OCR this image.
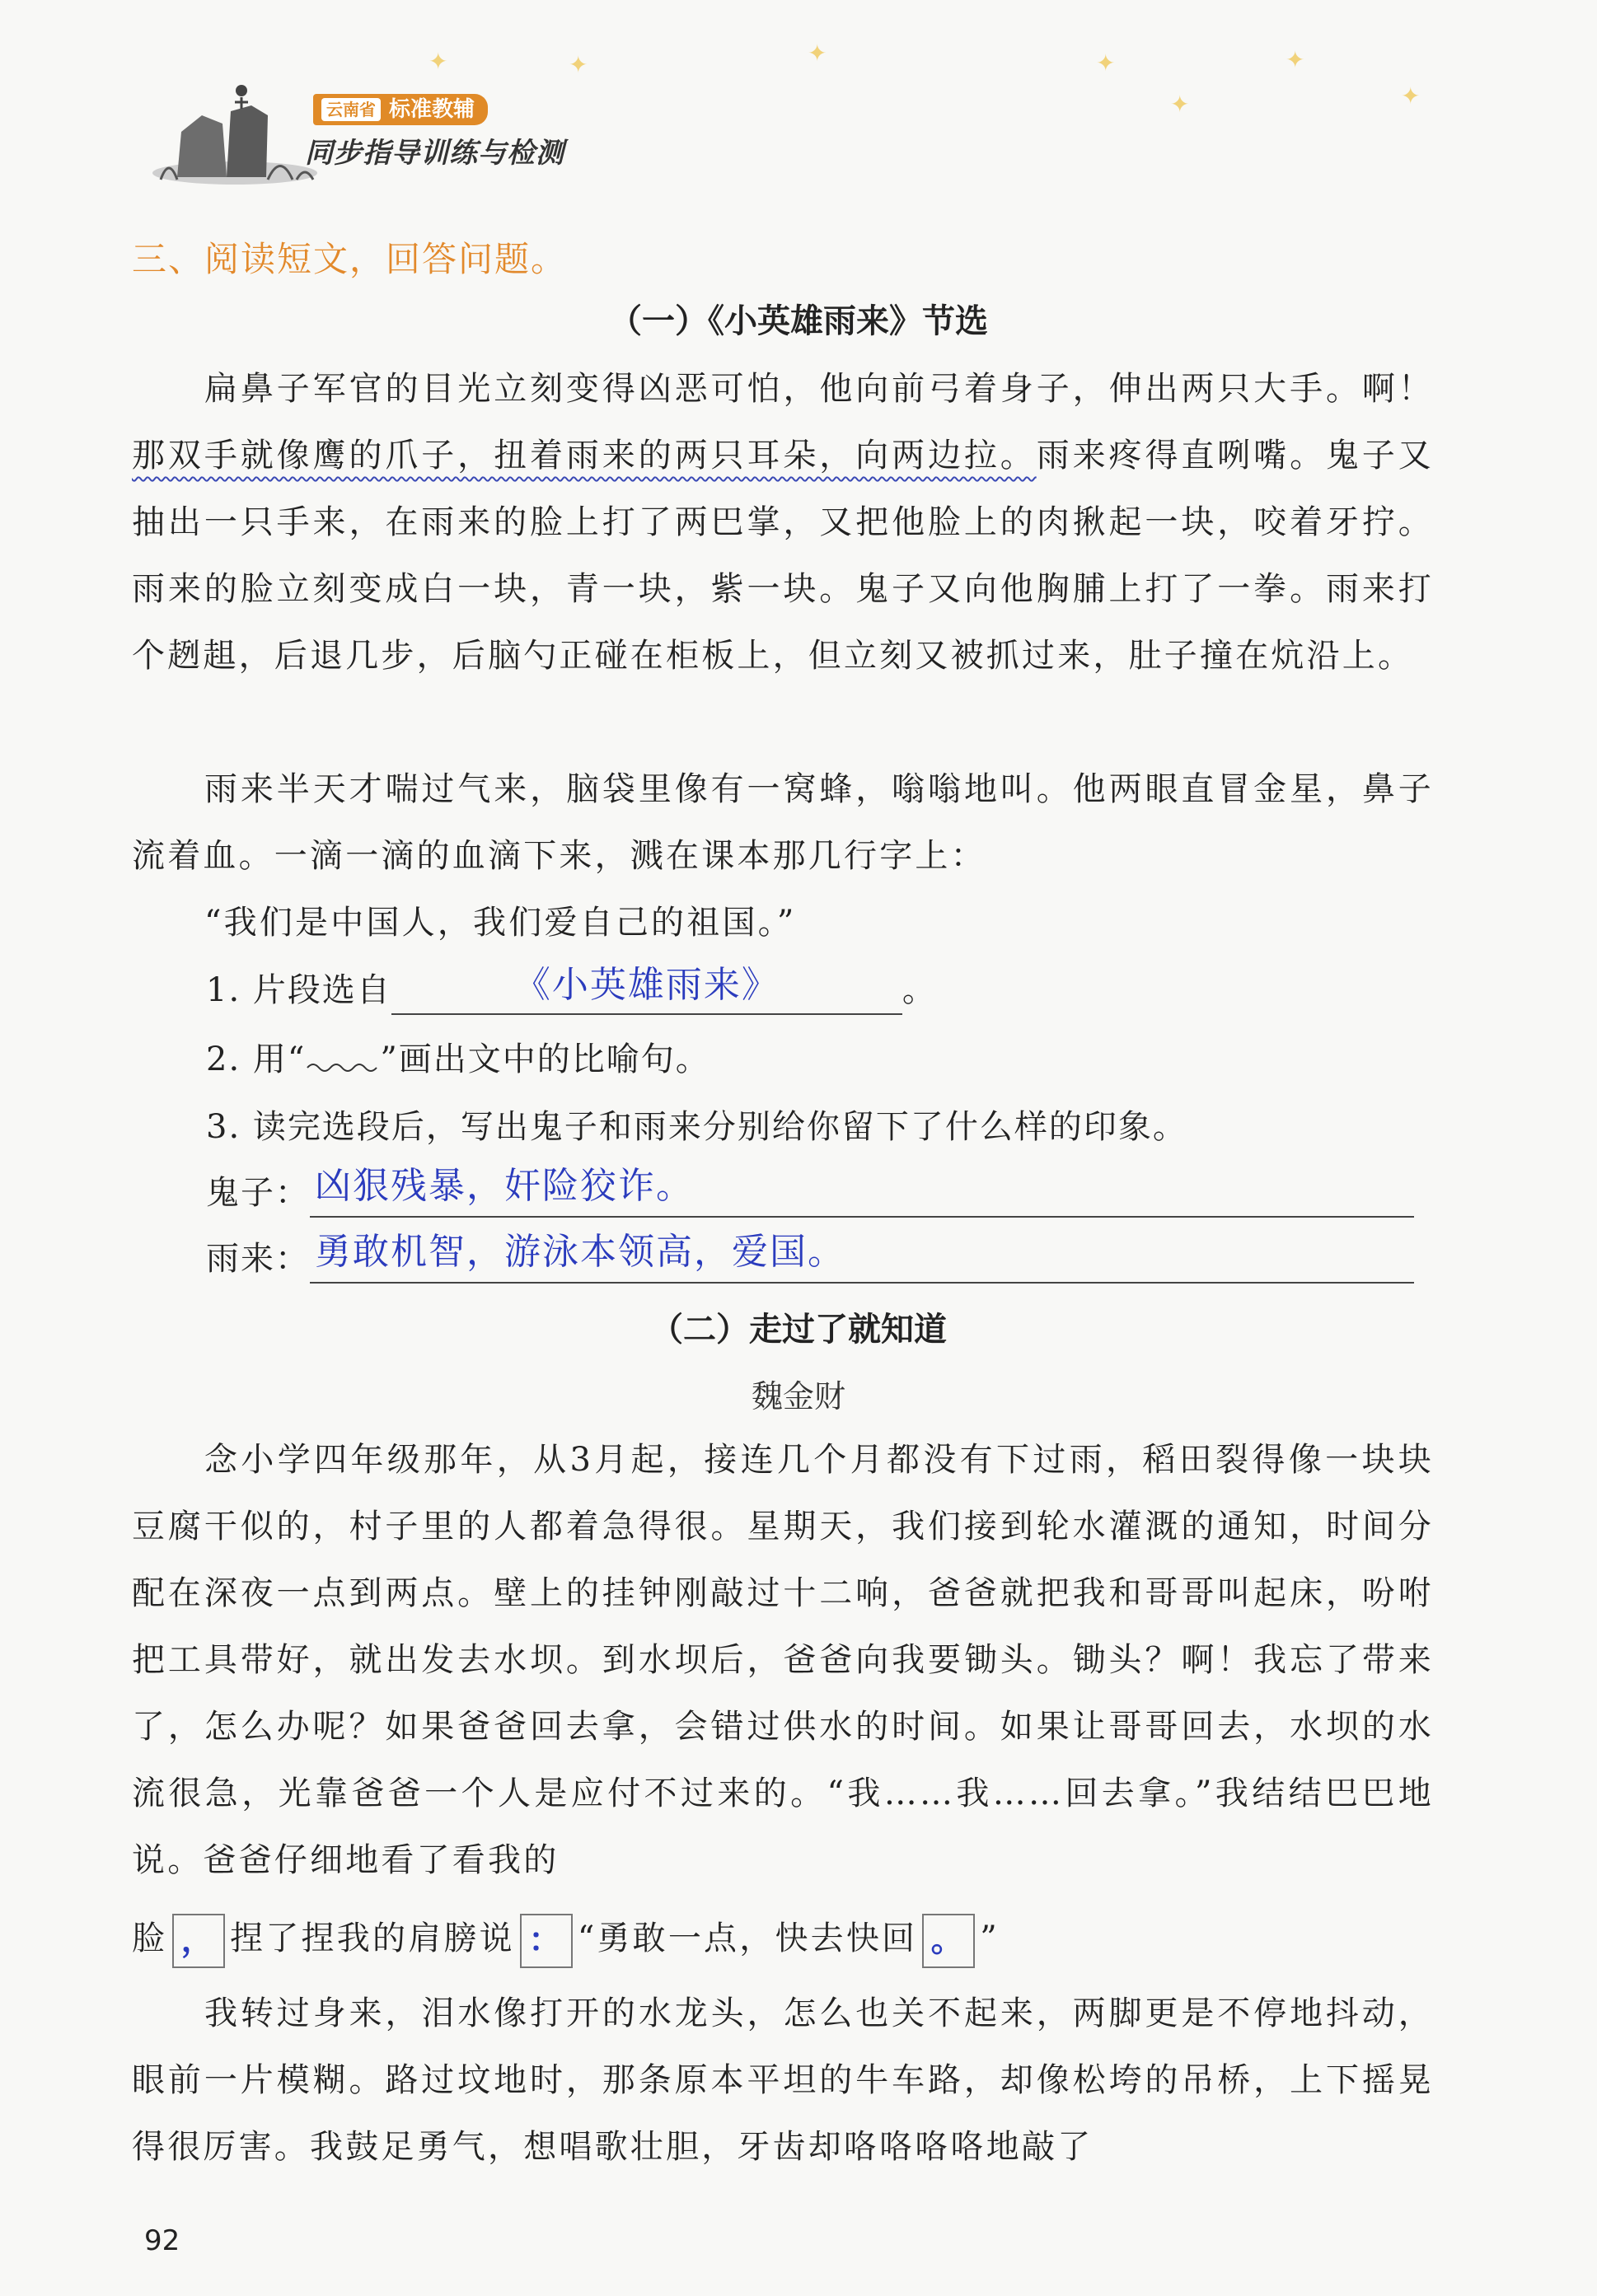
云南省 标准教辅
同步指导训练与检测
✦	✦	✦	✦
✦
✦
✦
三、阅读短文，回答问题。
（一）《小英雄雨来》节选
扁鼻子军官的目光立刻变得凶恶可怕，他向前弓着身子，伸出两只大手。啊！那双手就像鹰的爪子，扭着雨来的两只耳朵，向两边拉。雨来疼得直咧嘴。鬼子又抽出一只手来，在雨来的脸上打了两巴掌，又把他脸上的肉揪起一块，咬着牙拧。雨来的脸立刻变成白一块，青一块，紫一块。鬼子又向他胸脯上打了一拳。雨来打个趔趄，后退几步，后脑勺正碰在柜板上，但立刻又被抓过来，肚子撞在炕沿上。
雨来半天才喘过气来，脑袋里像有一窝蜂，嗡嗡地叫。他两眼直冒金星，鼻子流着血。一滴一滴的血滴下来，溅在课本那几行字上：
“我们是中国人，我们爱自己的祖国。”
1. 片段选自	《小英雄雨来》	。
2. 用“ ”画出文中的比喻句。
3. 读完选段后，写出鬼子和雨来分别给你留下了什么样的印象。
鬼子： 凶狠残暴，奸险狡诈。
雨来： 勇敢机智，游泳本领高，爱国。
（二）走过了就知道
魏金财
念小学四年级那年，从3月起，接连几个月都没有下过雨，稻田裂得像一块块豆腐干似的，村子里的人都着急得很。星期天，我们接到轮水灌溉的通知，时间分配在深夜一点到两点。壁上的挂钟刚敲过十二响，爸爸就把我和哥哥叫起床，吩咐把工具带好，就出发去水坝。到水坝后，爸爸向我要锄头。锄头？啊！我忘了带来了，怎么办呢？如果爸爸回去拿，会错过供水的时间。如果让哥哥回去，水坝的水流很急，光靠爸爸一个人是应付不过来的。“我……我……回去拿。”我结结巴巴地说。爸爸仔细地看了看我的
脸 ， 捏了捏我的肩膀说 ： “勇敢一点，快去快回 。 ”
我转过身来，泪水像打开的水龙头，怎么也关不起来，两脚更是不停地抖动，眼前一片模糊。路过坟地时，那条原本平坦的牛车路，却像松垮的吊桥，上下摇晃得很厉害。我鼓足勇气，想唱歌壮胆，牙齿却咯咯咯咯地敲了
92
